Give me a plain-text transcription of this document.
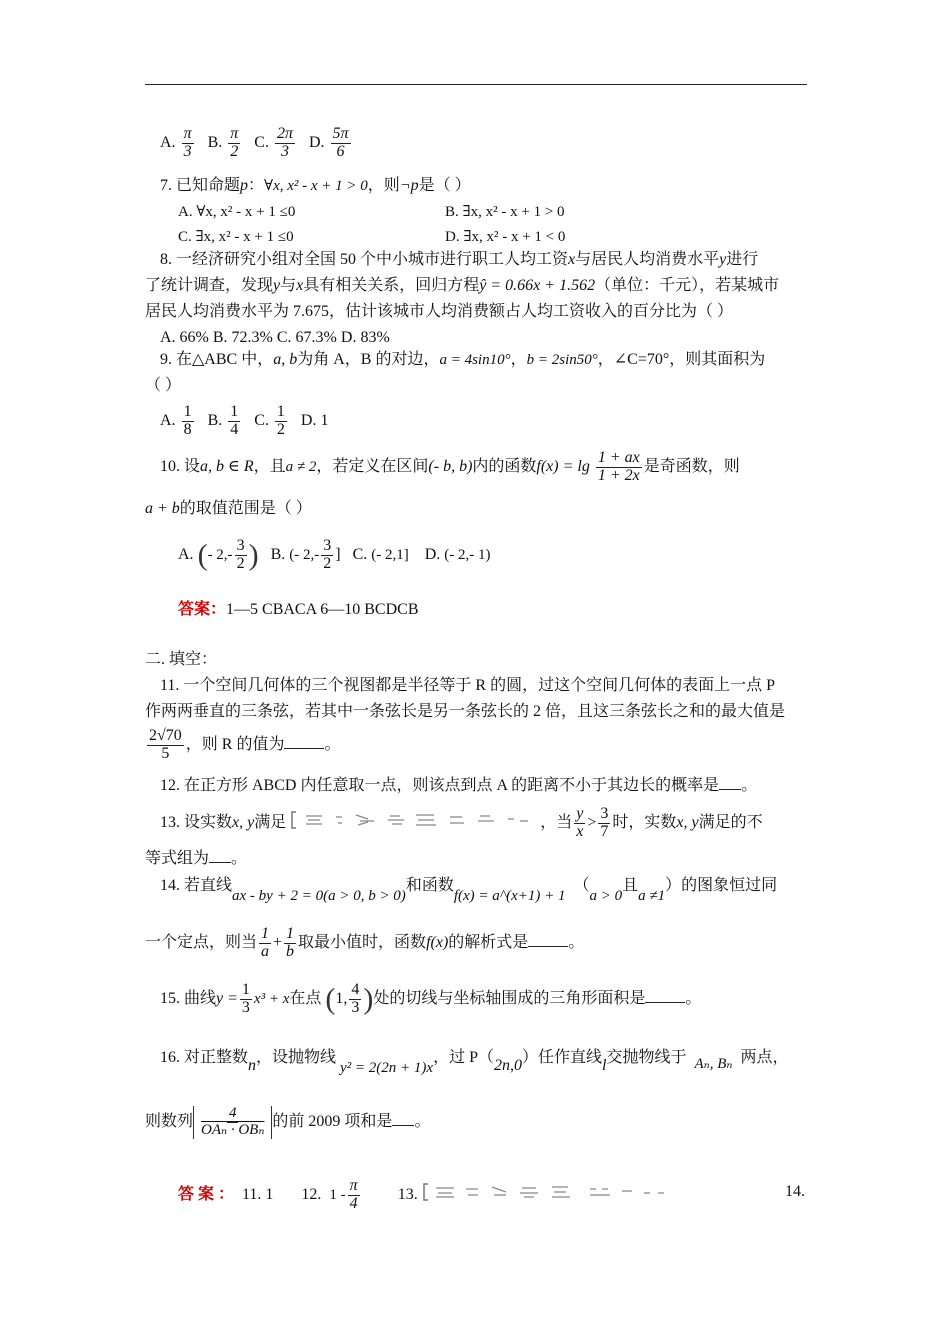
A. $\frac{\pi}{3} B$. $\frac{\pi}{2} C$. $\frac{2\pi}{3} D$. $\frac{5\pi}{6}$
7. 已知命题p：∀x, x² - x + 1 > 0，则¬p是（ ）
A. ∀x, x² - x + 1 ≤0	B. ∃x, x² - x + 1 > 0
C. ∃x, x² - x + 1 ≤0	D. ∃x, x² - x + 1 < 0
8. 一经济研究小组对全国 50 个中小城市进行职工人均工资x与居民人均消费水平y进行
了统计调查，发现y与x具有相关关系，回归方程ŷ = 0.66x + 1.562（单位：千元），若某城市
居民人均消费水平为 7.675，估计该城市人均消费额占人均工资收入的百分比为（ ）
A. 66% B. 72.3% C. 67.3% D. 83%
9. 在△ABC 中，a, b为角 A，B 的对边，a = 4sin10°，b = 2sin50°，∠C=70°，则其面积为
（ ）
A. $\frac{1}{8} B$. $\frac{1}{4} C$. $\frac{1}{2} D$. 1
10. 设a, b ∈ R，且a ≠ 2，若定义在区间(- b, b)内的函数$f(x) = \lg \frac{1 + ax}{1 + 2x}$ 是奇函数，则
a + b的取值范围是（ ）
A. (- $2,- \frac{3}{2}$ ) B. (- $2,- \frac{3}{2}$ ] C. (- 2,1] D. (- 2,- 1)
答案：1—5 CBACA 6—10 BCDCB
二. 填空：
11. 一个空间几何体的三个视图都是半径等于 R 的圆，过这个空间几何体的表面上一点 P
作两两垂直的三条弦，若其中一条弦长是另一条弦长的 2 倍，且这三条弦长之和的最大值是
$\frac{2√70}{5}$ ，则 R 的值为	。
12. 在正方形 ABCD 内任意取一点，则该点到点 A 的距离不小于其边长的概率是 。
13. 设实数x, y满足	，当 $\frac{y}{x} > \frac{3}{7}$ 时，实数x, y满足的不
等式组为 。
14. 若直线ax - by + 2 = 0(a > 0, b > 0)和函数f(x) = a^(x+1) + 1  （a > 0且a ≠1）的图象恒过同
一个定点，则当 $\frac{1}{a} + \frac{1}{b}$ 取最小值时，函数f(x)的解析式是	。
15. 曲线$y = \frac{1}{3} x^3 + x$在点 (1, $\frac{4}{3}$ )处的切线与坐标轴围成的三角形面积是	。
16. 对正整数n，设抛物线 y² = 2(2n + 1)x，过 P（2n,0）任作直线l交抛物线于 Aₙ, Bₙ 两点，
则数列 $\frac{4}{\text{OAₙ · OBₙ}}$ 的前 2009 项和是 。
答 案 ： 11. 1 12. $1 - \frac{\pi}{4} 13$.	14.
